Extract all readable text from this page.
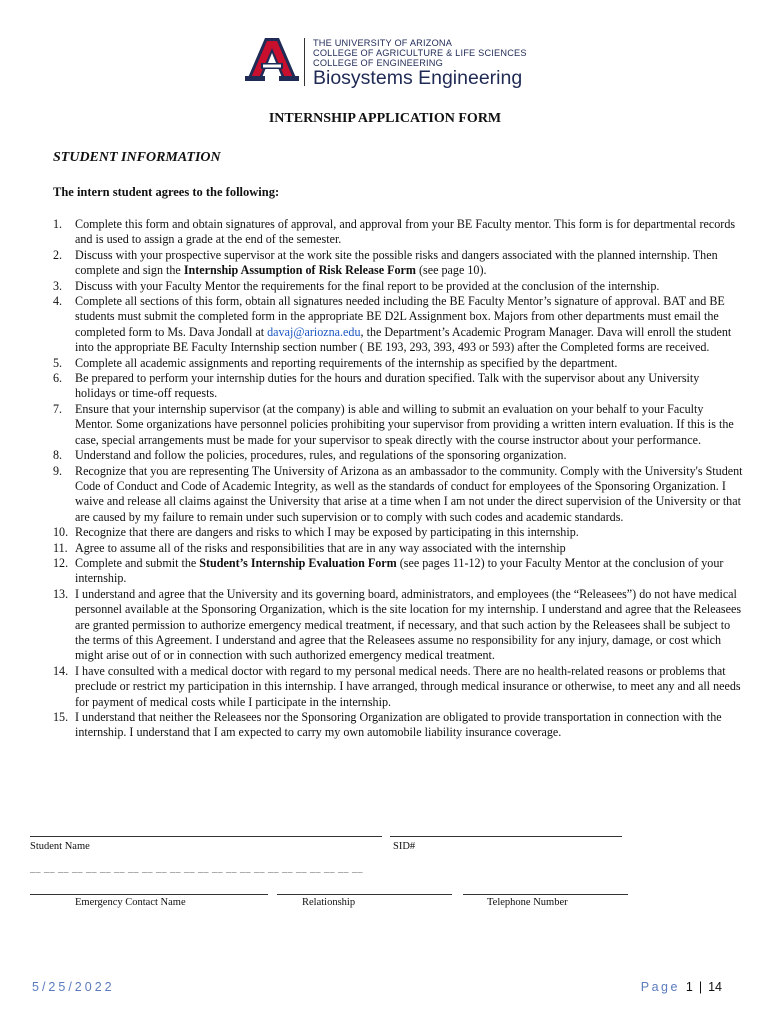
THE UNIVERSITY OF ARIZONA
COLLEGE OF AGRICULTURE & LIFE SCIENCES
COLLEGE OF ENGINEERING
Biosystems Engineering
INTERNSHIP APPLICATION FORM
STUDENT INFORMATION
The intern student agrees to the following:
1. Complete this form and obtain signatures of approval, and approval from your BE Faculty mentor. This form is for departmental records and is used to assign a grade at the end of the semester.
2. Discuss with your prospective supervisor at the work site the possible risks and dangers associated with the planned internship. Then complete and sign the Internship Assumption of Risk Release Form (see page 10).
3. Discuss with your Faculty Mentor the requirements for the final report to be provided at the conclusion of the internship.
4. Complete all sections of this form, obtain all signatures needed including the BE Faculty Mentor’s signature of approval. BAT and BE students must submit the completed form in the appropriate BE D2L Assignment box. Majors from other departments must email the completed form to Ms. Dava Jondall at davaj@ariozna.edu, the Department’s Academic Program Manager. Dava will enroll the student into the appropriate BE Faculty Internship section number ( BE 193, 293, 393, 493 or 593) after the Completed forms are received.
5. Complete all academic assignments and reporting requirements of the internship as specified by the department.
6. Be prepared to perform your internship duties for the hours and duration specified. Talk with the supervisor about any University holidays or time-off requests.
7. Ensure that your internship supervisor (at the company) is able and willing to submit an evaluation on your behalf to your Faculty Mentor. Some organizations have personnel policies prohibiting your supervisor from providing a written intern evaluation. If this is the case, special arrangements must be made for your supervisor to speak directly with the course instructor about your performance.
8. Understand and follow the policies, procedures, rules, and regulations of the sponsoring organization.
9. Recognize that you are representing The University of Arizona as an ambassador to the community. Comply with the University's Student Code of Conduct and Code of Academic Integrity, as well as the standards of conduct for employees of the Sponsoring Organization. I waive and release all claims against the University that arise at a time when I am not under the direct supervision of the University or that are caused by my failure to remain under such supervision or to comply with such codes and academic standards.
10. Recognize that there are dangers and risks to which I may be exposed by participating in this internship.
11. Agree to assume all of the risks and responsibilities that are in any way associated with the internship
12. Complete and submit the Student’s Internship Evaluation Form (see pages 11-12) to your Faculty Mentor at the conclusion of your internship.
13. I understand and agree that the University and its governing board, administrators, and employees (the “Releasees”) do not have medical personnel available at the Sponsoring Organization, which is the site location for my internship. I understand and agree that the Releasees are granted permission to authorize emergency medical treatment, if necessary, and that such action by the Releasees shall be subject to the terms of this Agreement. I understand and agree that the Releasees assume no responsibility for any injury, damage, or cost which might arise out of or in connection with such authorized emergency medical treatment.
14. I have consulted with a medical doctor with regard to my personal medical needs. There are no health-related reasons or problems that preclude or restrict my participation in this internship. I have arranged, through medical insurance or otherwise, to meet any and all needs for payment of medical costs while I participate in the internship.
15. I understand that neither the Releasees nor the Sponsoring Organization are obligated to provide transportation in connection with the internship. I understand that I am expected to carry my own automobile liability insurance coverage.
Student Name	SID#
__ __ __ __ __ __ __ __ __ __ __ __ __ __ __ __ __ __ __ __ __ __ __ __
Emergency Contact Name	Relationship	Telephone Number
5/25/2022	Page 1 | 14
